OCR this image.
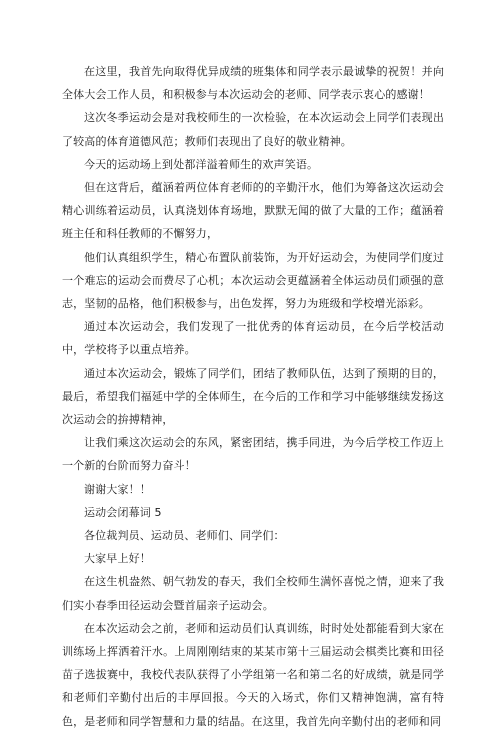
在这里，我首先向取得优异成绩的班集体和同学表示最诚挚的祝贺！并向全体大会工作人员，和积极参与本次运动会的老师、同学表示衷心的感谢！

这次冬季运动会是对我校师生的一次检验，在本次运动会上同学们表现出了较高的体育道德风范；教师们表现出了良好的敬业精神。

今天的运动场上到处都洋溢着师生的欢声笑语。

但在这背后，蕴涵着两位体育老师的的辛勤汗水，他们为筹备这次运动会精心训练着运动员，认真浇划体育场地，默默无闻的做了大量的工作；蕴涵着班主任和科任教师的不懈努力，

他们认真组织学生，精心布置队前装饰，为开好运动会，为使同学们度过一个难忘的运动会而费尽了心机；本次运动会更蕴涵着全体运动员们顽强的意志，坚韧的品格，他们积极参与，出色发挥，努力为班级和学校增光添彩。

通过本次运动会，我们发现了一批优秀的体育运动员，在今后学校活动中，学校将予以重点培养。

通过本次运动会，锻炼了同学们，团结了教师队伍，达到了预期的目的，最后，希望我们福延中学的全体师生，在今后的工作和学习中能够继续发扬这次运动会的拚搏精神，

让我们乘这次运动会的东风，紧密团结，携手同进，为今后学校工作迈上一个新的台阶而努力奋斗！

谢谢大家！！

运动会闭幕词 5

各位裁判员、运动员、老师们、同学们：

大家早上好！

在这生机盎然、朝气勃发的春天，我们全校师生满怀喜悦之情，迎来了我们实小春季田径运动会暨首届亲子运动会。

在本次运动会之前，老师和运动员们认真训练，时时处处都能看到大家在训练场上挥洒着汗水。上周刚刚结束的某某市第十三届运动会棋类比赛和田径苗子选拔赛中，我校代表队获得了小学组第一名和第二名的好成绩，就是同学和老师们辛勤付出后的丰厚回报。今天的入场式，你们又精神饱满，富有特色，是老师和同学智慧和力量的结晶。在这里，我首先向辛勤付出的老师和同
